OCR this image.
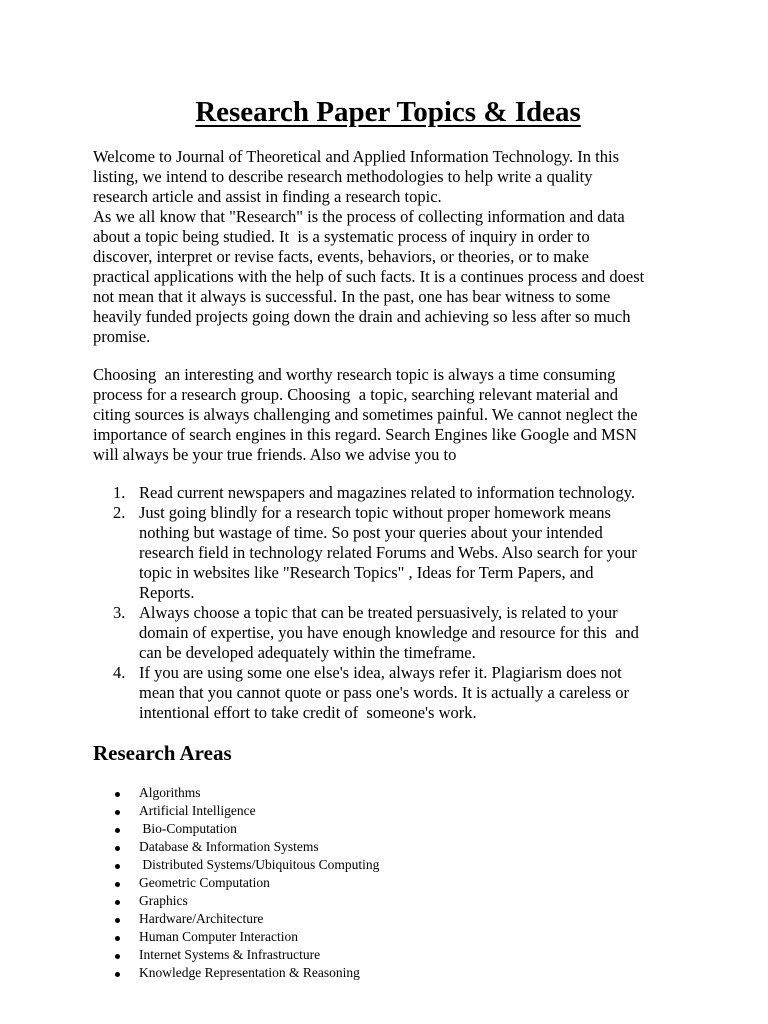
Research Paper Topics & Ideas
Welcome to Journal of Theoretical and Applied Information Technology. In this
listing, we intend to describe research methodologies to help write a quality
research article and assist in finding a research topic.
As we all know that "Research" is the process of collecting information and data
about a topic being studied. It  is a systematic process of inquiry in order to
discover, interpret or revise facts, events, behaviors, or theories, or to make
practical applications with the help of such facts. It is a continues process and doest
not mean that it always is successful. In the past, one has bear witness to some
heavily funded projects going down the drain and achieving so less after so much
promise.
Choosing  an interesting and worthy research topic is always a time consuming
process for a research group. Choosing  a topic, searching relevant material and
citing sources is always challenging and sometimes painful. We cannot neglect the
importance of search engines in this regard. Search Engines like Google and MSN
will always be your true friends. Also we advise you to
1. Read current newspapers and magazines related to information technology.
2. Just going blindly for a research topic without proper homework means
nothing but wastage of time. So post your queries about your intended
research field in technology related Forums and Webs. Also search for your
topic in websites like "Research Topics" , Ideas for Term Papers, and
Reports.
3. Always choose a topic that can be treated persuasively, is related to your
domain of expertise, you have enough knowledge and resource for this  and
can be developed adequately within the timeframe.
4. If you are using some one else's idea, always refer it. Plagiarism does not
mean that you cannot quote or pass one's words. It is actually a careless or
intentional effort to take credit of  someone's work.
Research Areas
Algorithms
Artificial Intelligence
Bio-Computation
Database & Information Systems
Distributed Systems/Ubiquitous Computing
Geometric Computation
Graphics
Hardware/Architecture
Human Computer Interaction
Internet Systems & Infrastructure
Knowledge Representation & Reasoning
